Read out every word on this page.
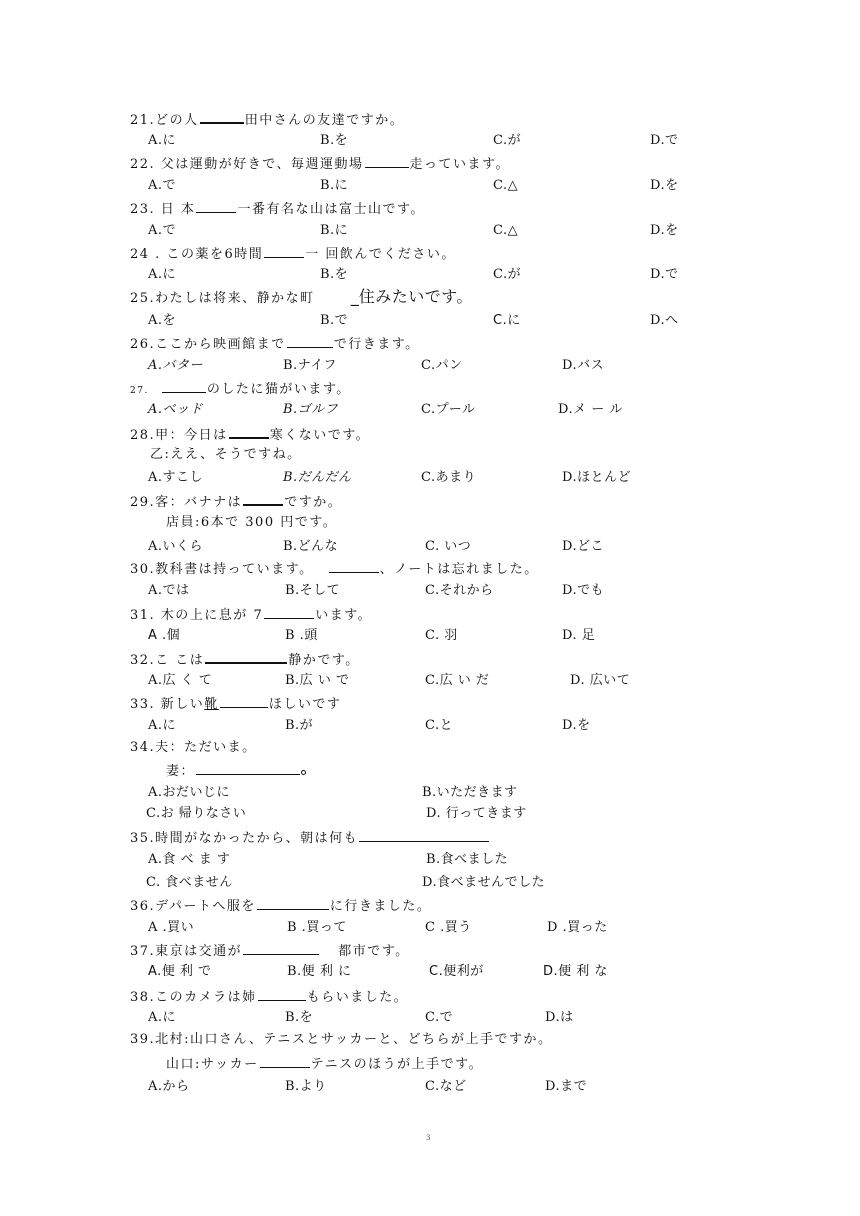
21.どの人	田中さんの友達ですか。
A.に	B.を	C.が	D.で
22. 父は運動が好きで、毎週運動場	走っています。
A.で	B.に	C.△	D.を
23. 日 本	一番有名な山は富士山です。
A.で	B.に	C.△	D.を
24 . この薬を6時間	一 回飲んでください。
A.に	B.を	C.が	D.で
25.わたしは将来、静かな町 _住みたいです。
A.を	B.で	C.に	D.へ
26.ここから映画館まで	で行きます。
A.バター	B.ナイフ	C.パン	D.バス
27.	のしたに猫がいます。
A.ベッド	B.ゴルフ	C.プール	D.メ ー ル
28.甲：今日は	寒くないです。
乙:ええ、そうですね。
A.すこし	B.だんだん	C.あまり	D.ほとんど
29.客：バナナは	ですか。
店員:6本で 300 円です。
A.いくら	B.どんな	C. いつ	D.どこ
30.教科書は持っています。	、ノートは忘れました。
A.では	B.そして	C.それから	D.でも
31. 木の上に息が 7	います。
A .個	B .頭	C. 羽	D. 足
32.こ こは	静かです。
A.広 く て	B.広 い で	C.広 い だ	D. 広いて
33. 新しい靴	ほしいです
A.に	B.が	C.と	D.を
34.夫：ただいま。
妻：
A.おだいじに	B.いただきます
C.お 帰りなさい	D. 行ってきます
35.時間がなかったから、朝は何も
A.食 べ ま す	B.食べました
C. 食べません	D.食べませんでした
36.デパートへ服を	に行きました。
A .買い	B .買って	C .買う	D .買った
37.東京は交通が	都市です。
A.便 利 で	B.便 利 に	C.便利が	D.便 利 な
38.このカメラは姉	もらいました。
A.に	B.を	C.で	D.は
39.北村:山口さん、テニスとサッカーと、どちらが上手ですか。
山口:サッカー	テニスのほうが上手です。
A.から	B.より	C.など	D.まで
3
